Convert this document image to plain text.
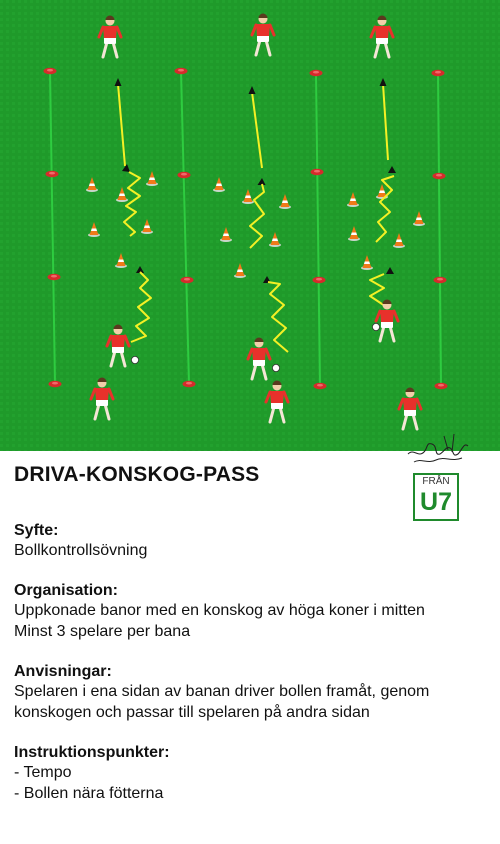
DRIVA-KONSKOG-PASS	FRÅN
U7

Syfte:

Bollkontrollsövning

Organisation:

Uppkonade banor med en konskog av höga koner i mitten

Minst 3 spelare per bana

Anvisningar:

Spelaren i ena sidan av banan driver bollen framåt, genom

konskogen och passar till spelaren på andra sidan

Instruktionspunkter:

- Tempo

- Bollen nära fötterna
